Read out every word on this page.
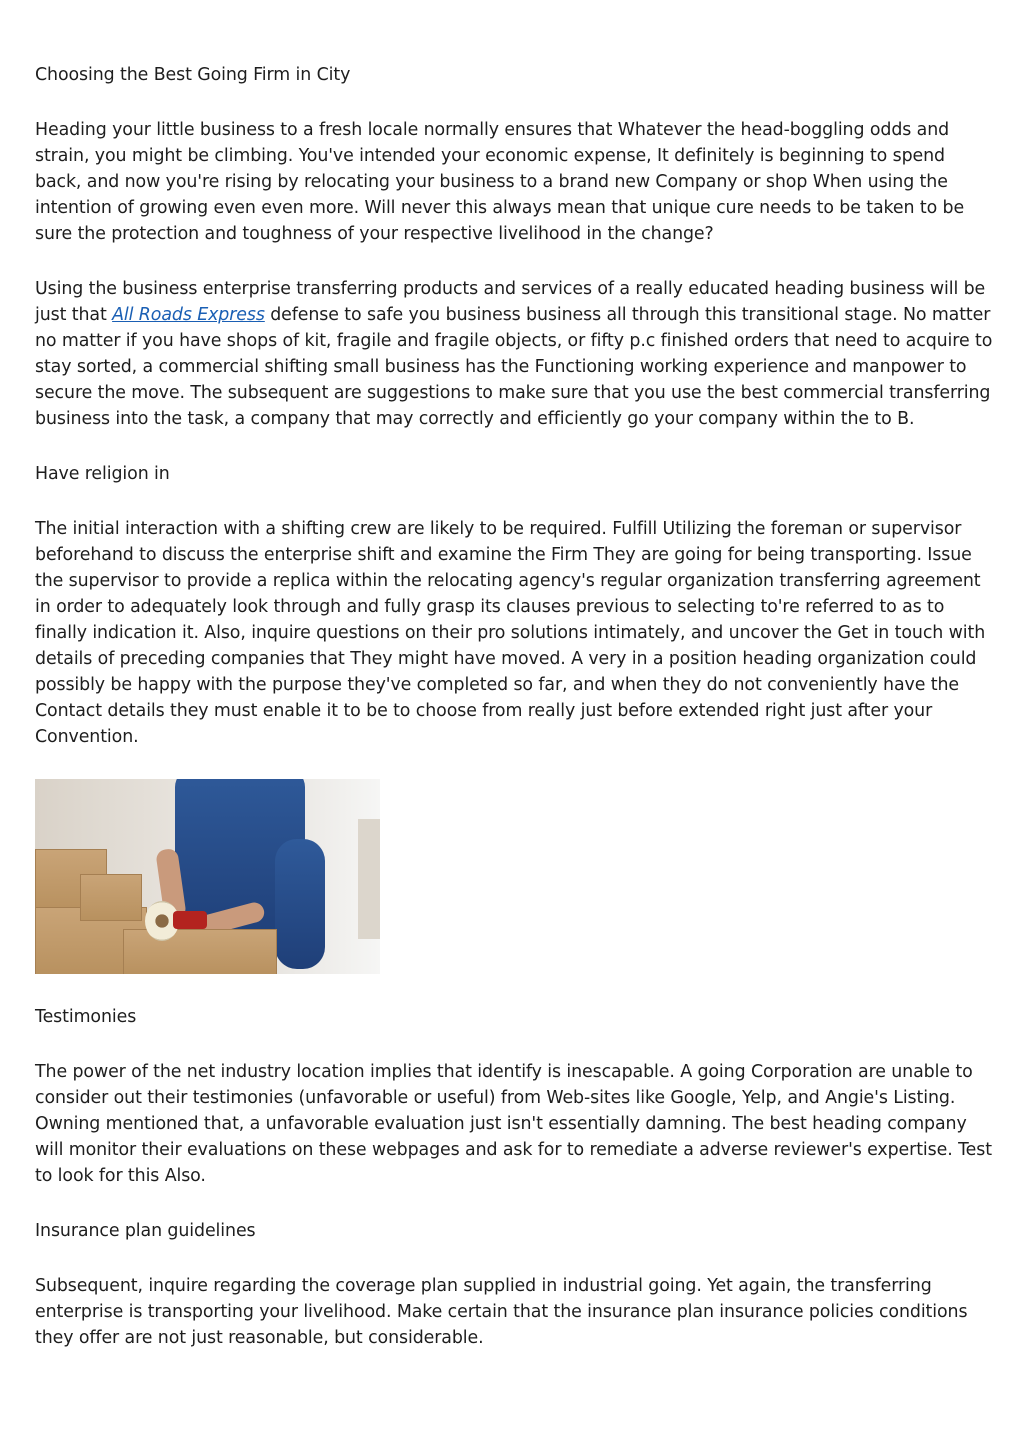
Choosing the Best Going Firm in City

Heading your little business to a fresh locale normally ensures that Whatever the head-boggling odds and strain, you might be climbing. You've intended your economic expense, It definitely is beginning to spend back, and now you're rising by relocating your business to a brand new Company or shop When using the intention of growing even even more. Will never this always mean that unique cure needs to be taken to be sure the protection and toughness of your respective livelihood in the change?

Using the business enterprise transferring products and services of a really educated heading business will be just that All Roads Express defense to safe you business business all through this transitional stage. No matter no matter if you have shops of kit, fragile and fragile objects, or fifty p.c finished orders that need to acquire to stay sorted, a commercial shifting small business has the Functioning working experience and manpower to secure the move. The subsequent are suggestions to make sure that you use the best commercial transferring business into the task, a company that may correctly and efficiently go your company within the to B.

Have religion in

The initial interaction with a shifting crew are likely to be required. Fulfill Utilizing the foreman or supervisor beforehand to discuss the enterprise shift and examine the Firm They are going for being transporting. Issue the supervisor to provide a replica within the relocating agency's regular organization transferring agreement in order to adequately look through and fully grasp its clauses previous to selecting to're referred to as to finally indication it. Also, inquire questions on their pro solutions intimately, and uncover the Get in touch with details of preceding companies that They might have moved. A very in a position heading organization could possibly be happy with the purpose they've completed so far, and when they do not conveniently have the Contact details they must enable it to be to choose from really just before extended right just after your Convention.

Testimonies

The power of the net industry location implies that identify is inescapable. A going Corporation are unable to consider out their testimonies (unfavorable or useful) from Web-sites like Google, Yelp, and Angie's Listing. Owning mentioned that, a unfavorable evaluation just isn't essentially damning. The best heading company will monitor their evaluations on these webpages and ask for to remediate a adverse reviewer's expertise. Test to look for this Also.

Insurance plan guidelines

Subsequent, inquire regarding the coverage plan supplied in industrial going. Yet again, the transferring enterprise is transporting your livelihood. Make certain that the insurance plan insurance policies conditions they offer are not just reasonable, but considerable.
